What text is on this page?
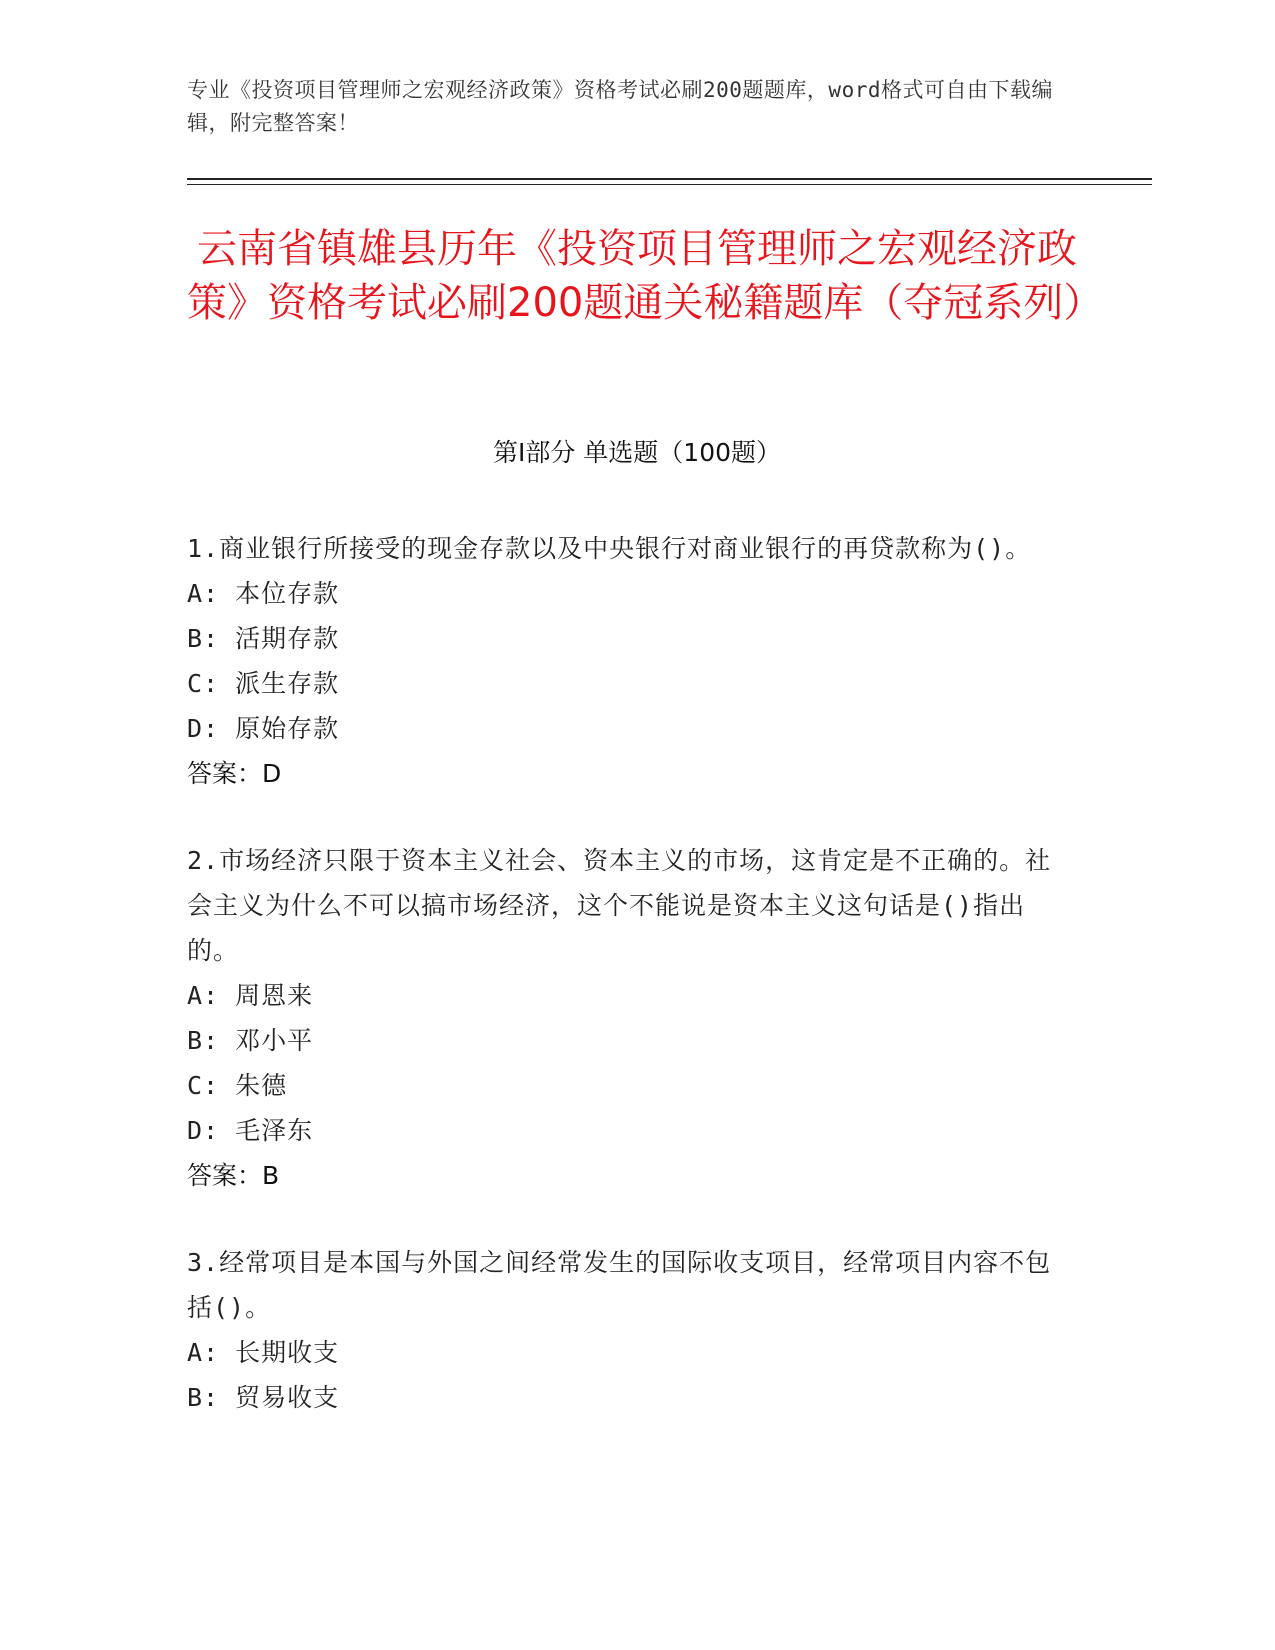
专业《投资项目管理师之宏观经济政策》资格考试必刷200题题库，word格式可自由下载编辑，附完整答案！
云南省镇雄县历年《投资项目管理师之宏观经济政策》资格考试必刷200题通关秘籍题库（夺冠系列）
第Ⅰ部分 单选题（100题）
1.商业银行所接受的现金存款以及中央银行对商业银行的再贷款称为()。
A: 本位存款
B: 活期存款
C: 派生存款
D: 原始存款
答案：D
2.市场经济只限于资本主义社会、资本主义的市场，这肯定是不正确的。社会主义为什么不可以搞市场经济，这个不能说是资本主义这句话是()指出的。
A: 周恩来
B: 邓小平
C: 朱德
D: 毛泽东
答案：B
3.经常项目是本国与外国之间经常发生的国际收支项目，经常项目内容不包括()。
A: 长期收支
B: 贸易收支
